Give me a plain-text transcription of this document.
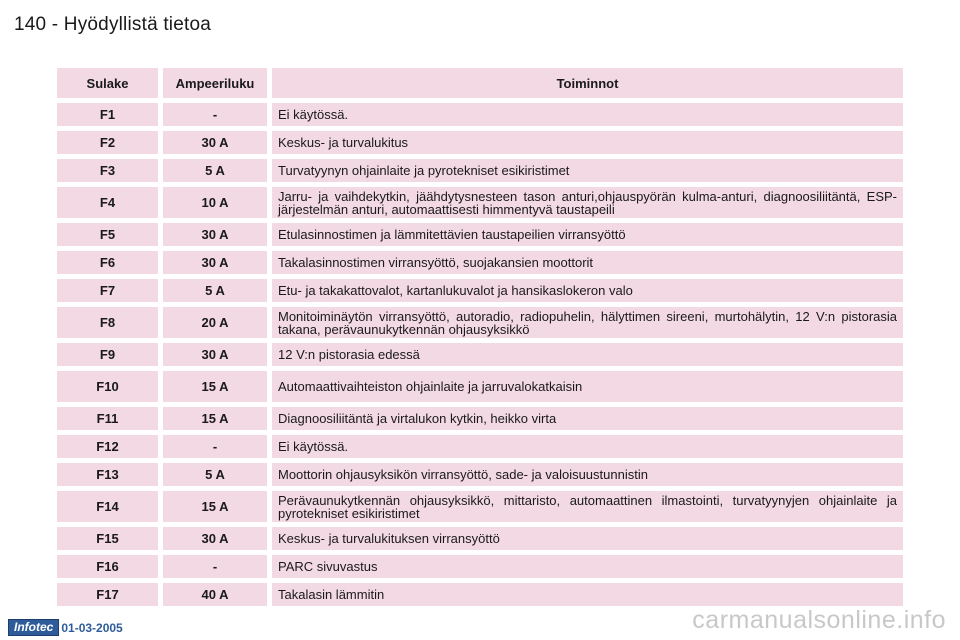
140 - Hyödyllistä tietoa
Sulake	Ampeeriluku	Toiminnot
F1	-	Ei käytössä.
F2	30 A	Keskus- ja turvalukitus
F3	5 A	Turvatyynyn ohjainlaite ja pyrotekniset esikiristimet
F4	10 A	Jarru- ja vaihdekytkin, jäähdytysnesteen tason anturi,ohjauspyörän kulma-anturi, diagnoosiliitäntä, ESP-järjestelmän anturi, automaattisesti himmentyvä taustapeili
F5	30 A	Etulasinnostimen ja lämmitettävien taustapeilien virransyöttö
F6	30 A	Takalasinnostimen virransyöttö, suojakansien moottorit
F7	5 A	Etu- ja takakattovalot, kartanlukuvalot ja hansikaslokeron valo
F8	20 A	Monitoiminäytön virransyöttö, autoradio, radiopuhelin, hälyttimen sireeni, murtohälytin, 12 V:n pistorasia takana, perävaunukytkennän ohjausyksikkö
F9	30 A	12 V:n pistorasia edessä
F10	15 A	Automaattivaihteiston ohjainlaite ja jarruvalokatkaisin
F11	15 A	Diagnoosiliitäntä ja virtalukon kytkin, heikko virta
F12	-	Ei käytössä.
F13	5 A	Moottorin ohjausyksikön virransyöttö, sade- ja valoisuustunnistin
F14	15 A	Perävaunukytkennän ohjausyksikkö, mittaristo, automaattinen ilmastointi, turvatyynyjen ohjainlaite ja pyrotekniset esikiristimet
F15	30 A	Keskus- ja turvalukituksen virransyöttö
F16	-	PARC sivuvastus
F17	40 A	Takalasin lämmitin
Infotec 01-03-2005	carmanualsonline.info
